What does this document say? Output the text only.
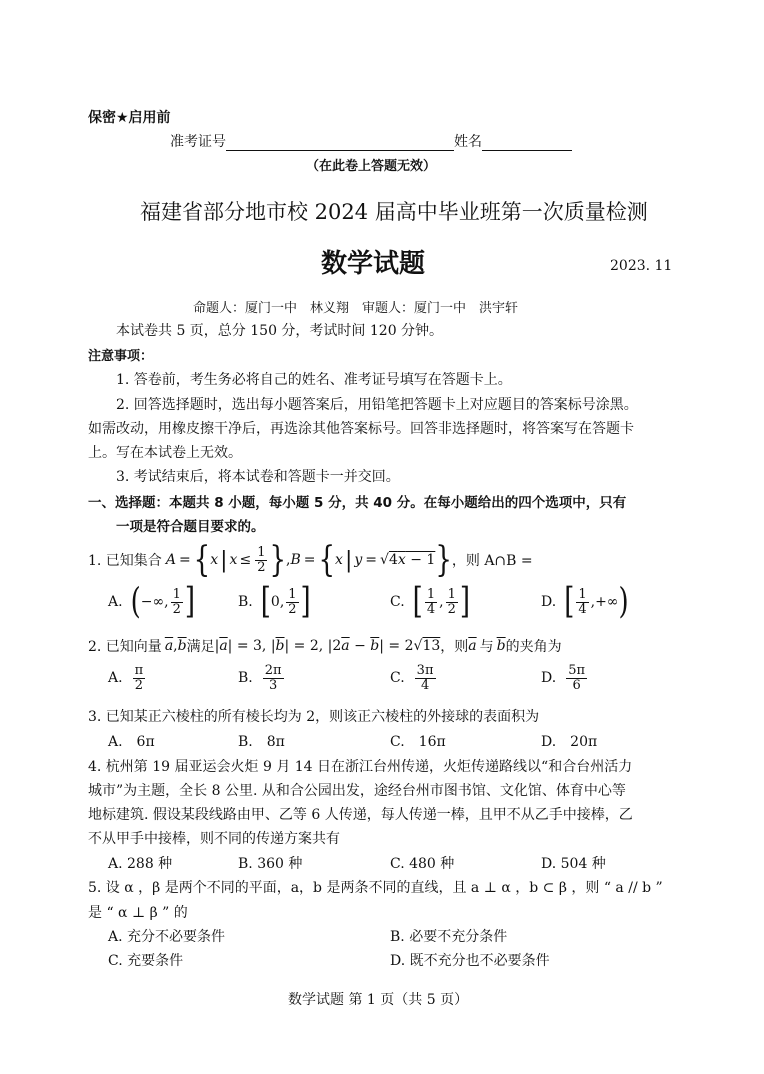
保密★启用前
准考证号	姓名
（在此卷上答题无效）
福建省部分地市校 2024 届高中毕业班第一次质量检测
数学试题	2023. 11
命题人：厦门一中　林义翔　审题人：厦门一中　洪宇轩
本试卷共 5 页，总分 150 分，考试时间 120 分钟。
注意事项：
1. 答卷前，考生务必将自己的姓名、准考证号填写在答题卡上。
2. 回答选择题时，选出每小题答案后，用铅笔把答题卡上对应题目的答案标号涂黑。
如需改动，用橡皮擦干净后，再选涂其他答案标号。回答非选择题时，将答案写在答题卡
上。写在本试卷上无效。
3. 考试结束后，将本试卷和答题卡一并交回。
一、选择题：本题共 8 小题，每小题 5 分，共 40 分。在每小题给出的四个选项中，只有
一项是符合题目要求的。
1. 已知集合 A = { x | $x \le \frac{1}{2}$ } , B = { x | y = √ 4x − 1 } ，则 A∩B =
A. ( −∞, $\frac{1}{2}$ ]	B. [ 0, $\frac{1}{2}$ ]	C. [ $\frac{1}{4}$ , $\frac{1}{2}$ ]	D. [ $\frac{1}{4}$ ,+∞ )
2. 已知向量 $\overline{a}$ , $\overline{b}$ 满足 $|\overline{a}| = 3$, $|\overline{b}| = 2$, $|2\overline{a} - \overline{b}| = 2√13$ ，则 $\overline{a}$ 与 $\overline{b}$ 的夹角为
A. $\frac{\pi}{2}$	B. $\frac{2\pi}{3}$	C. $\frac{3\pi}{4}$	D. $\frac{5\pi}{6}$
3. 已知某正六棱柱的所有棱长均为 2，则该正六棱柱的外接球的表面积为
A.　6π	B.　8π	C.　16π	D.　20π
4. 杭州第 19 届亚运会火炬 9 月 14 日在浙江台州传递，火炬传递路线以“和合台州活力
城市”为主题，全长 8 公里. 从和合公园出发，途经台州市图书馆、文化馆、体育中心等
地标建筑. 假设某段线路由甲、乙等 6 人传递，每人传递一棒，且甲不从乙手中接棒，乙
不从甲手中接棒，则不同的传递方案共有
A. 288 种	B. 360 种	C. 480 种	D. 504 种
5. 设 α ，β 是两个不同的平面，a，b 是两条不同的直线，且 a ⊥ α ，b ⊂ β ，则 “ a // b ”
是 “ α ⊥ β ” 的
A. 充分不必要条件	B. 必要不充分条件
C. 充要条件	D. 既不充分也不必要条件
数学试题 第 1 页（共 5 页）
